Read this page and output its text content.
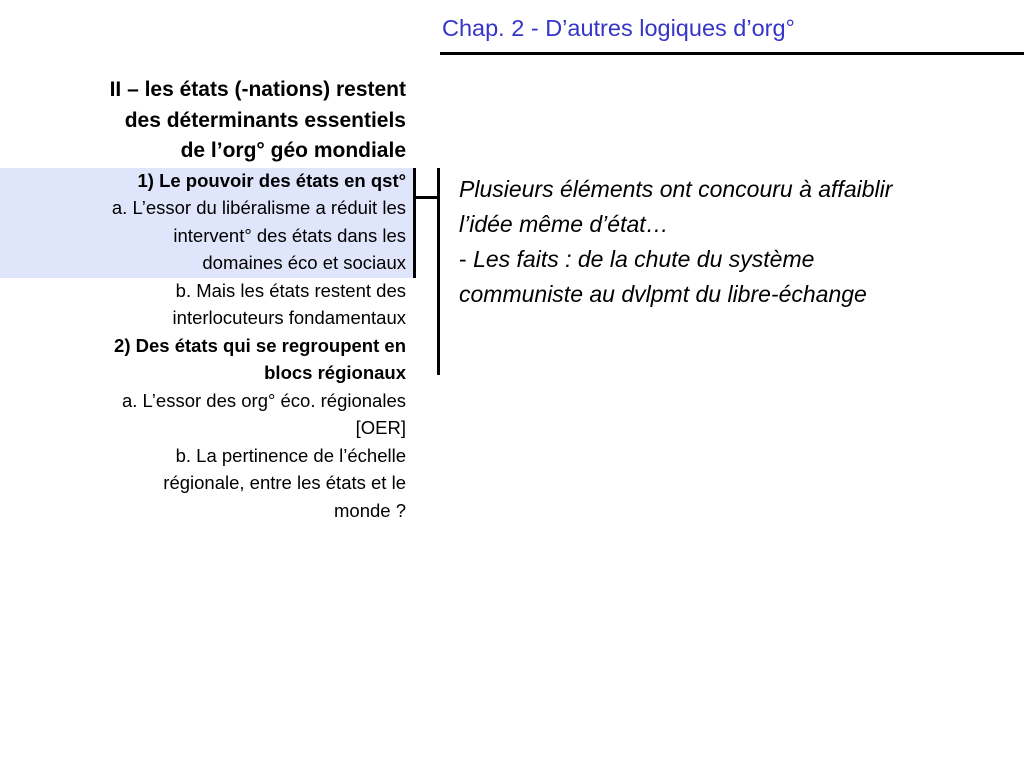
Chap. 2 - D’autres logiques d’org°
II – les états (-nations) restent
des déterminants essentiels
de l’org° géo mondiale
1) Le pouvoir des états en qst°
a. L’essor du libéralisme a réduit les
intervent° des états dans les
domaines éco et sociaux
b. Mais les états restent des
interlocuteurs fondamentaux
2) Des états qui se regroupent en
blocs régionaux
a. L’essor des org° éco. régionales
[OER]
b. La pertinence de l’échelle
régionale, entre les états et le
monde ?
Plusieurs éléments ont concouru à affaiblir
l’idée même d’état…
- Les faits : de la chute du système
communiste au dvlpmt du libre-échange
